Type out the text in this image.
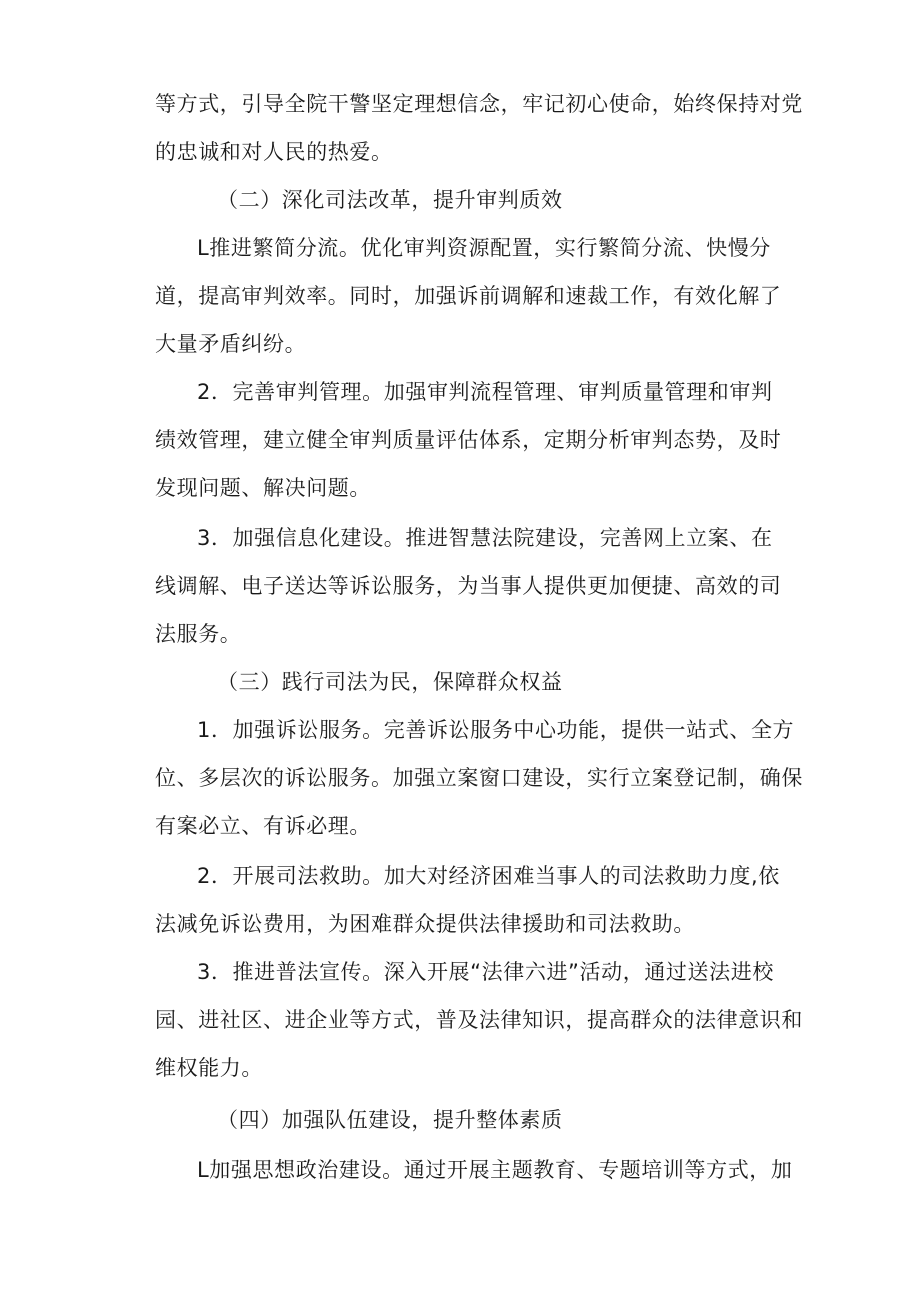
等方式，引导全院干警坚定理想信念，牢记初心使命，始终保持对党
的忠诚和对人民的热爱。
（二）深化司法改革，提升审判质效
L推进繁简分流。优化审判资源配置，实行繁简分流、快慢分
道，提高审判效率。同时，加强诉前调解和速裁工作，有效化解了
大量矛盾纠纷。
2．完善审判管理。加强审判流程管理、审判质量管理和审判
绩效管理，建立健全审判质量评估体系，定期分析审判态势，及时
发现问题、解决问题。
3．加强信息化建设。推进智慧法院建设，完善网上立案、在
线调解、电子送达等诉讼服务，为当事人提供更加便捷、高效的司
法服务。
（三）践行司法为民，保障群众权益
1．加强诉讼服务。完善诉讼服务中心功能，提供一站式、全方
位、多层次的诉讼服务。加强立案窗口建设，实行立案登记制，确保
有案必立、有诉必理。
2．开展司法救助。加大对经济困难当事人的司法救助力度,依
法减免诉讼费用，为困难群众提供法律援助和司法救助。
3．推进普法宣传。深入开展“法律六进”活动，通过送法进校
园、进社区、进企业等方式，普及法律知识，提高群众的法律意识和
维权能力。
（四）加强队伍建设，提升整体素质
L加强思想政治建设。通过开展主题教育、专题培训等方式，加
